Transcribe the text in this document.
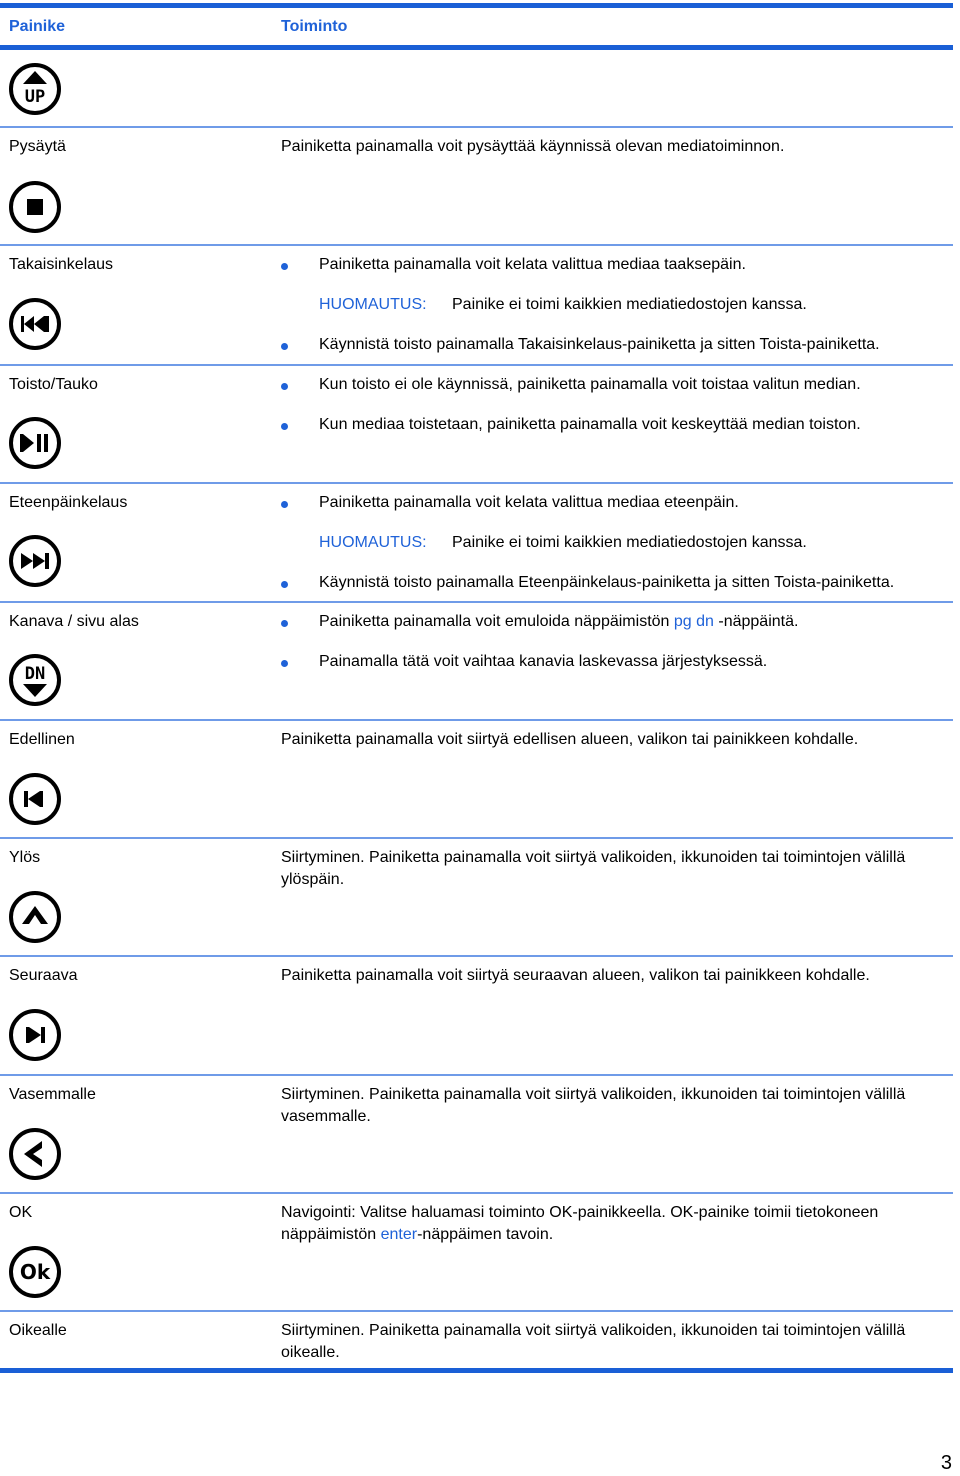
Painike	Toiminto
UP
Pysäytä	Painiketta painamalla voit pysäyttää käynnissä olevan mediatoiminnon.
Takaisinkelaus	Painiketta painamalla voit kelata valittua mediaa taaksepäin.
HUOMAUTUS: Painike ei toimi kaikkien mediatiedostojen kanssa.
Käynnistä toisto painamalla Takaisinkelaus-painiketta ja sitten Toista-painiketta.
Toisto/Tauko	Kun toisto ei ole käynnissä, painiketta painamalla voit toistaa valitun median.
Kun mediaa toistetaan, painiketta painamalla voit keskeyttää median toiston.
Eteenpäinkelaus	Painiketta painamalla voit kelata valittua mediaa eteenpäin.
HUOMAUTUS: Painike ei toimi kaikkien mediatiedostojen kanssa.
Käynnistä toisto painamalla Eteenpäinkelaus-painiketta ja sitten Toista-painiketta.
Kanava / sivu alas	Painiketta painamalla voit emuloida näppäimistön pg dn -näppäintä.
Painamalla tätä voit vaihtaa kanavia laskevassa järjestyksessä.
DN
Edellinen	Painiketta painamalla voit siirtyä edellisen alueen, valikon tai painikkeen kohdalle.
Ylös	Siirtyminen. Painiketta painamalla voit siirtyä valikoiden, ikkunoiden tai toimintojen välillä ylöspäin.
Seuraava	Painiketta painamalla voit siirtyä seuraavan alueen, valikon tai painikkeen kohdalle.
Vasemmalle	Siirtyminen. Painiketta painamalla voit siirtyä valikoiden, ikkunoiden tai toimintojen välillä vasemmalle.
OK	Navigointi: Valitse haluamasi toiminto OK-painikkeella. OK-painike toimii tietokoneen näppäimistön enter-näppäimen tavoin.
Ok
Oikealle	Siirtyminen. Painiketta painamalla voit siirtyä valikoiden, ikkunoiden tai toimintojen välillä oikealle.
3
